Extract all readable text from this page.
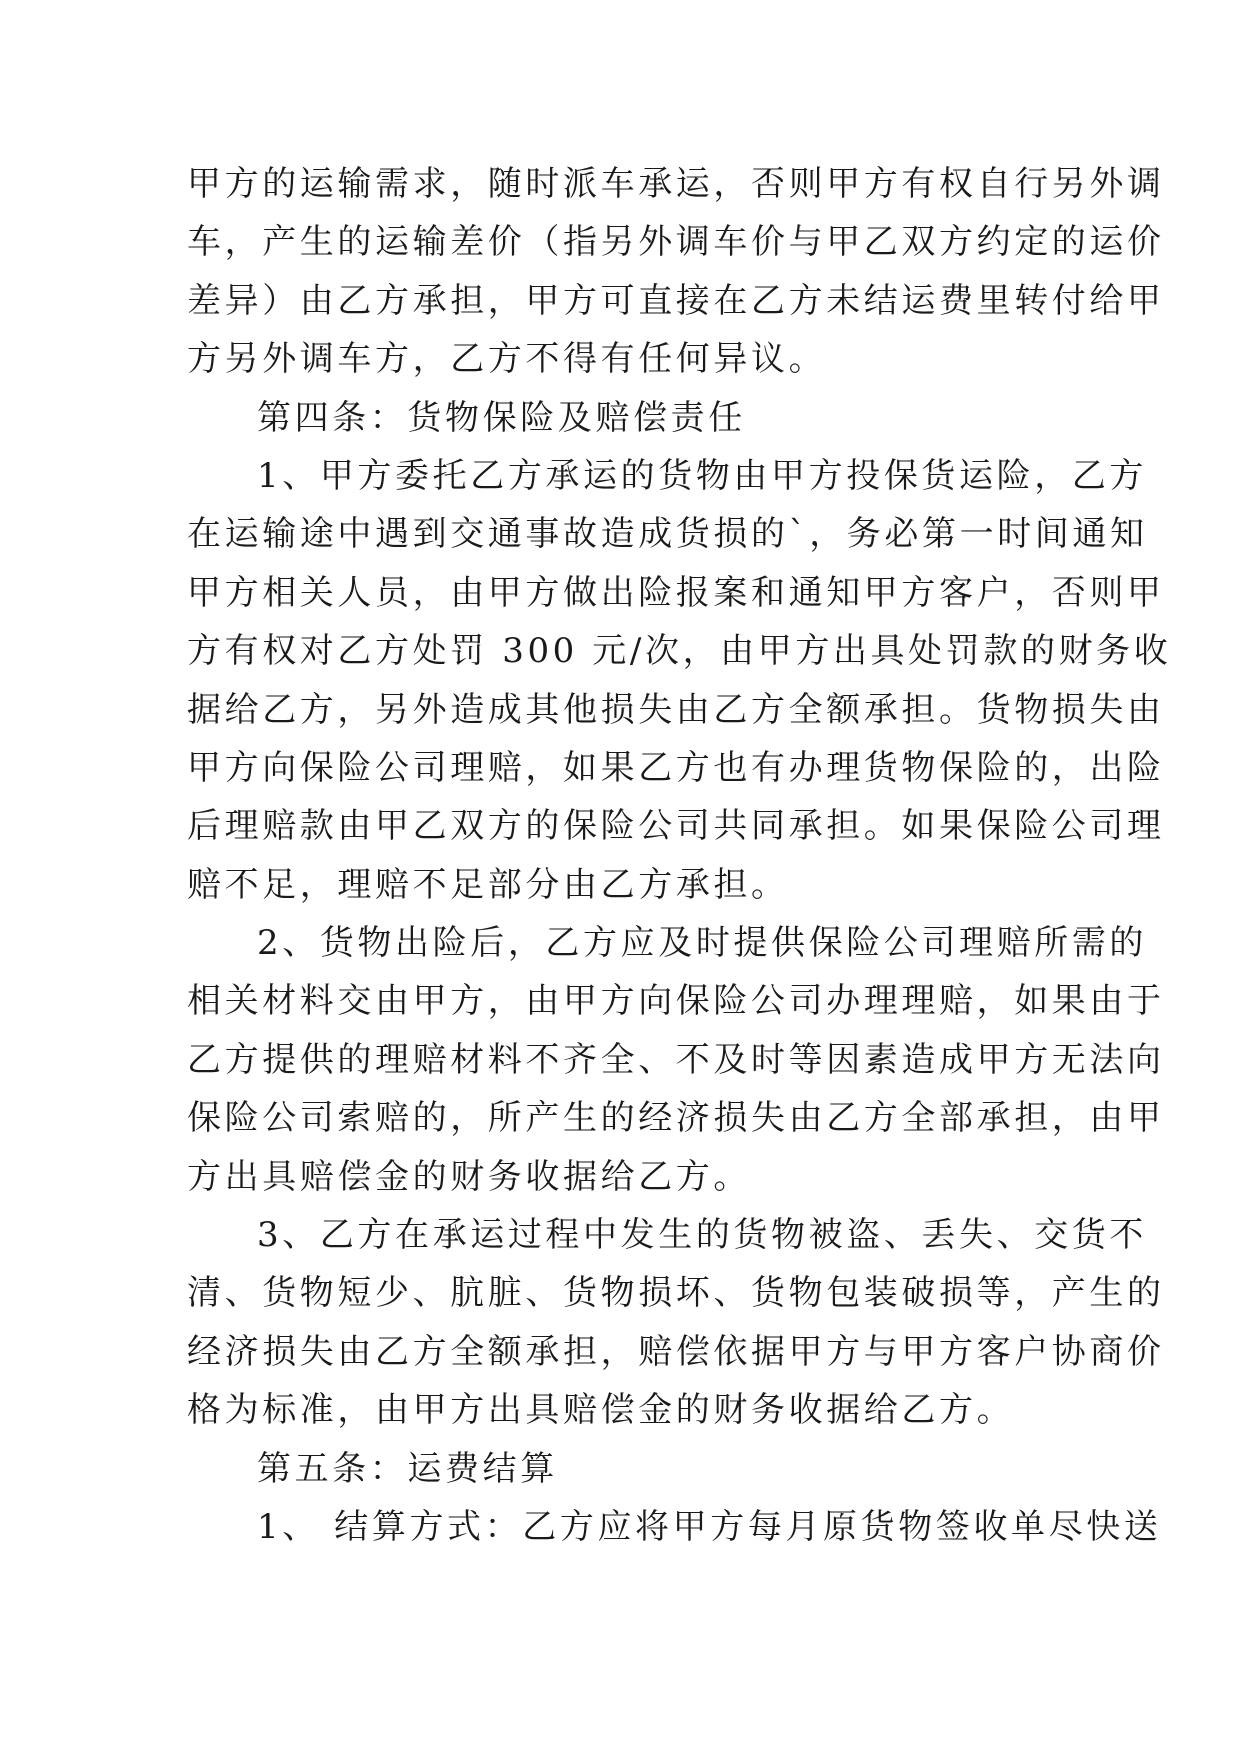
甲方的运输需求，随时派车承运，否则甲方有权自行另外调
车，产生的运输差价（指另外调车价与甲乙双方约定的运价
差异）由乙方承担，甲方可直接在乙方未结运费里转付给甲
方另外调车方，乙方不得有任何异议。
第四条：货物保险及赔偿责任
1、甲方委托乙方承运的货物由甲方投保货运险，乙方
在运输途中遇到交通事故造成货损的`，务必第一时间通知
甲方相关人员，由甲方做出险报案和通知甲方客户，否则甲
方有权对乙方处罚 300 元/次，由甲方出具处罚款的财务收
据给乙方，另外造成其他损失由乙方全额承担。货物损失由
甲方向保险公司理赔，如果乙方也有办理货物保险的，出险
后理赔款由甲乙双方的保险公司共同承担。如果保险公司理
赔不足，理赔不足部分由乙方承担。
2、货物出险后，乙方应及时提供保险公司理赔所需的
相关材料交由甲方，由甲方向保险公司办理理赔，如果由于
乙方提供的理赔材料不齐全、不及时等因素造成甲方无法向
保险公司索赔的，所产生的经济损失由乙方全部承担，由甲
方出具赔偿金的财务收据给乙方。
3、乙方在承运过程中发生的货物被盗、丢失、交货不
清、货物短少、肮脏、货物损坏、货物包装破损等，产生的
经济损失由乙方全额承担，赔偿依据甲方与甲方客户协商价
格为标准，由甲方出具赔偿金的财务收据给乙方。
第五条：运费结算
1、 结算方式：乙方应将甲方每月原货物签收单尽快送
